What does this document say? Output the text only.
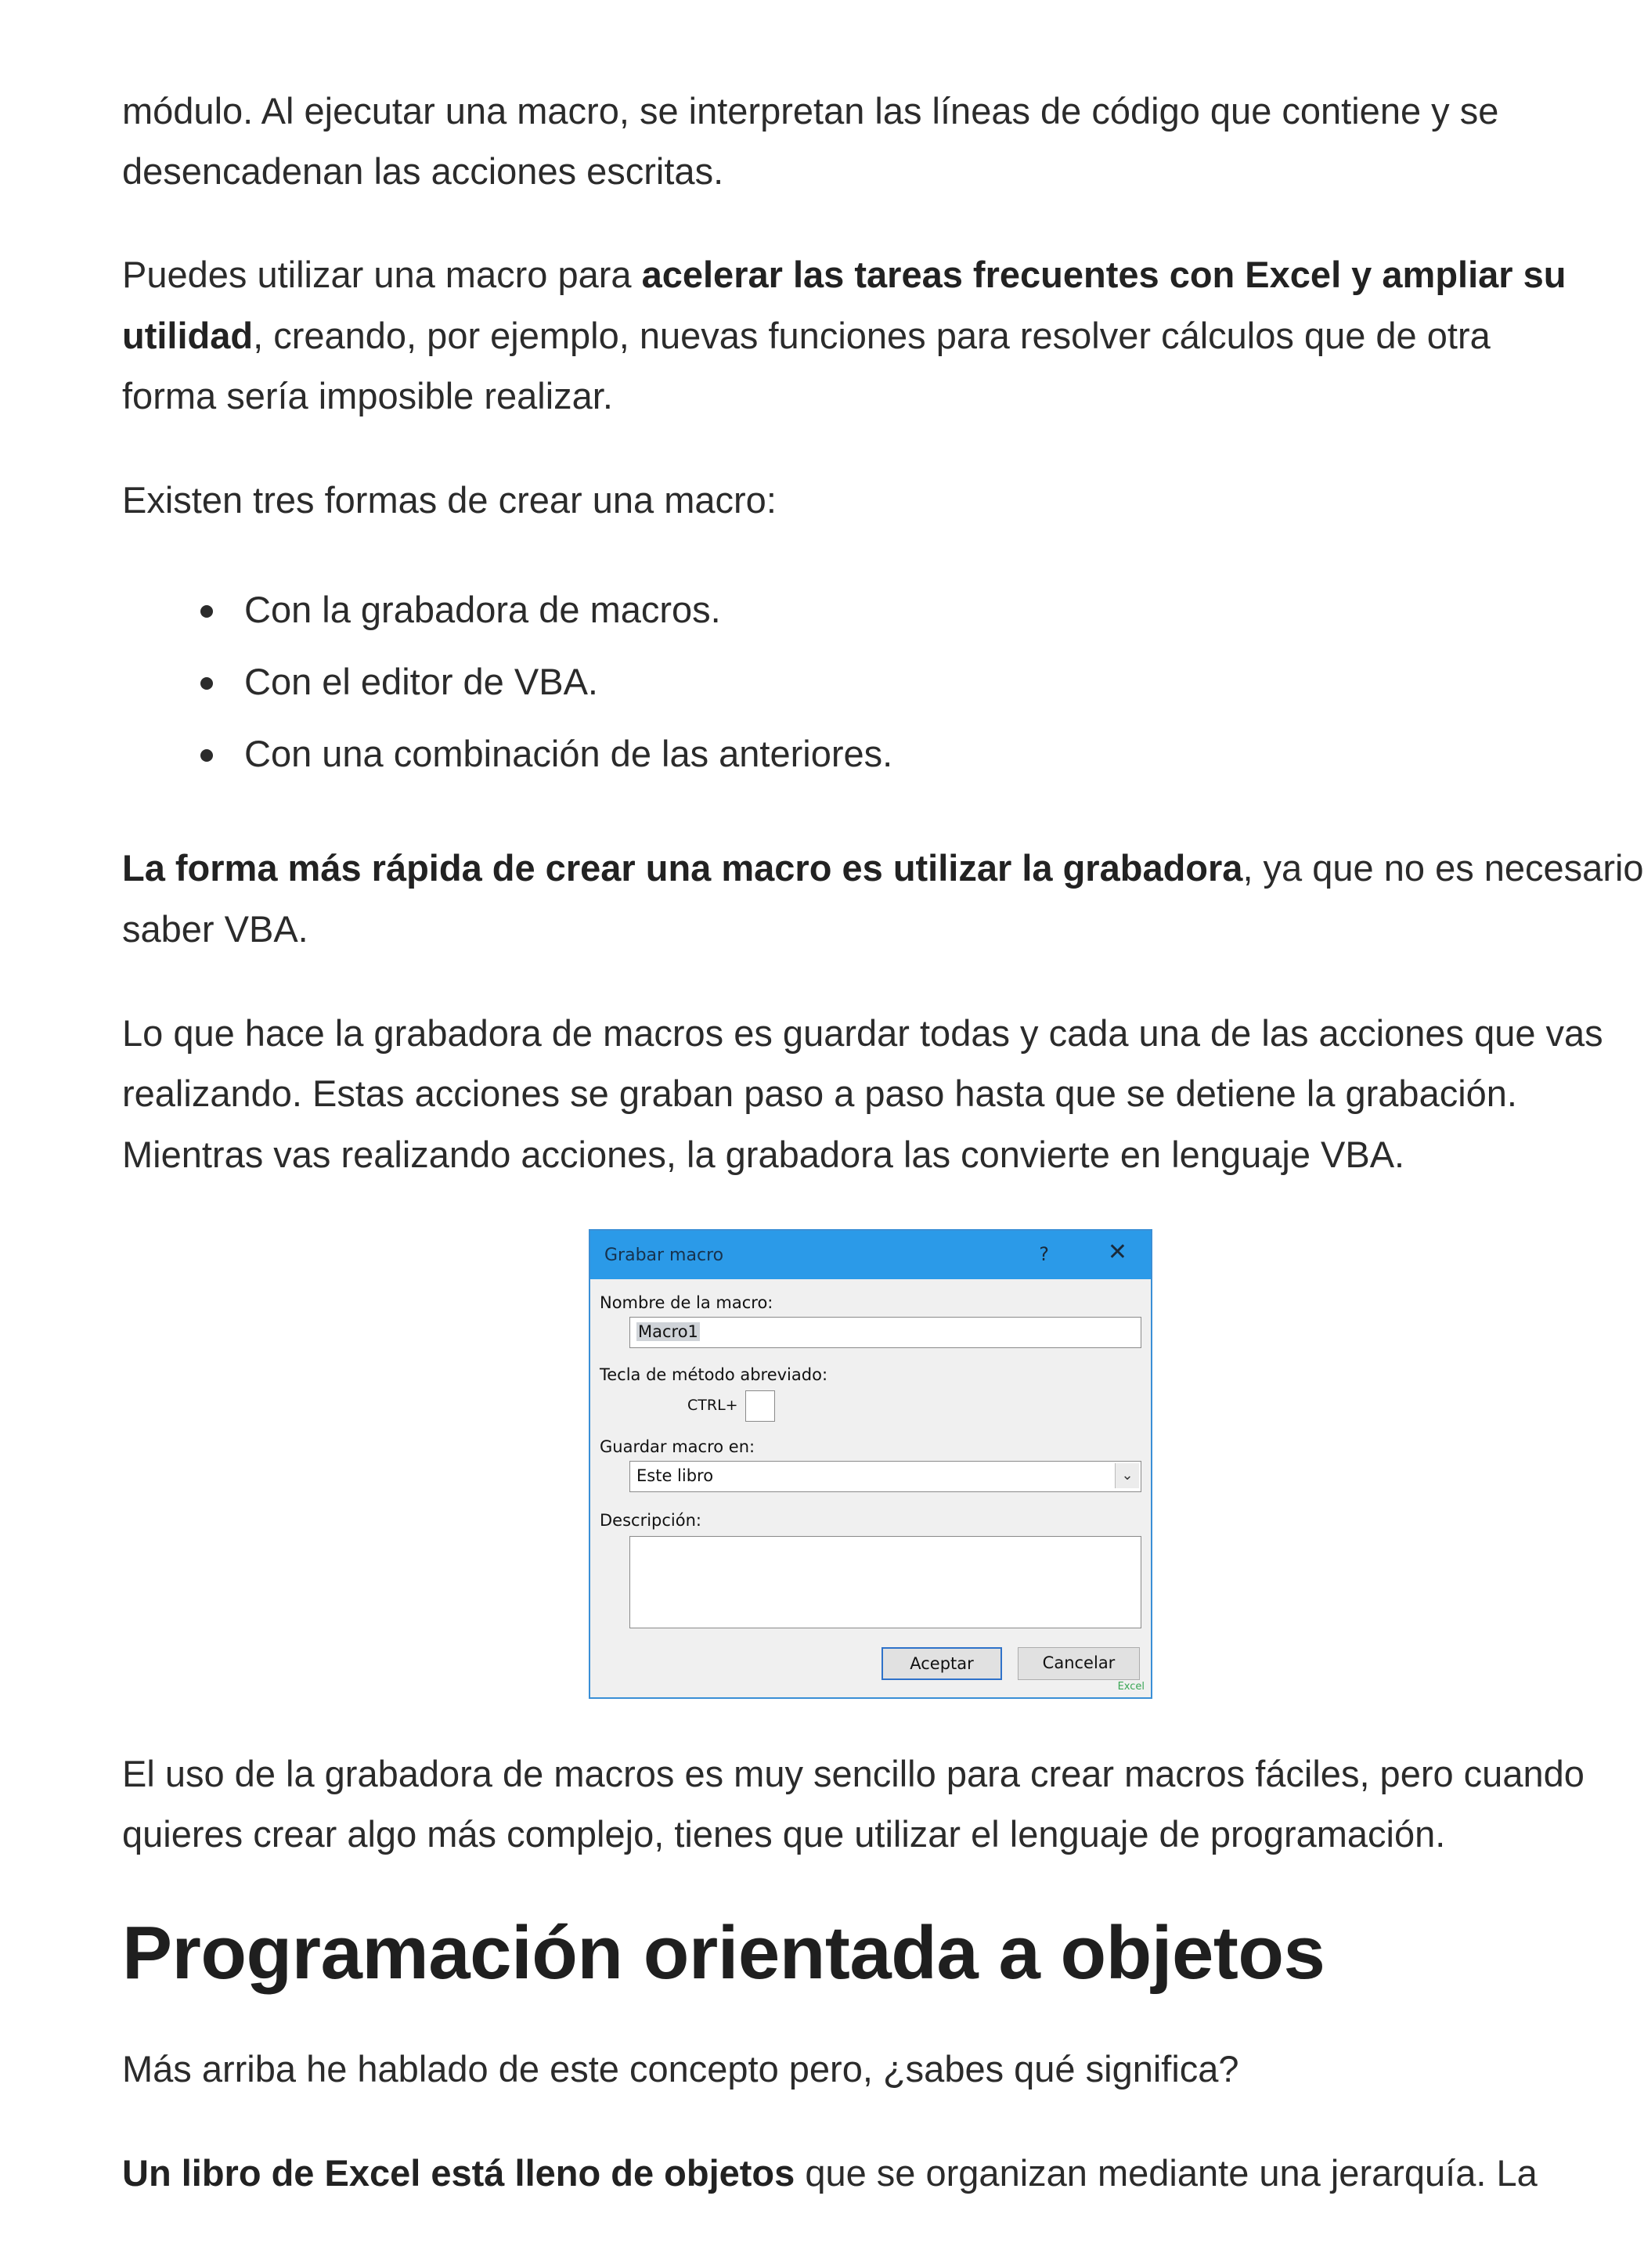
módulo. Al ejecutar una macro, se interpretan las líneas de código que contiene y se

desencadenan las acciones escritas.

Puedes utilizar una macro para acelerar las tareas frecuentes con Excel y ampliar su

utilidad, creando, por ejemplo, nuevas funciones para resolver cálculos que de otra

forma sería imposible realizar.

Existen tres formas de crear una macro:

Con la grabadora de macros.
Con el editor de VBA.
Con una combinación de las anteriores.

La forma más rápida de crear una macro es utilizar la grabadora, ya que no es necesario

saber VBA.

Lo que hace la grabadora de macros es guardar todas y cada una de las acciones que vas

realizando. Estas acciones se graban paso a paso hasta que se detiene la grabación.

Mientras vas realizando acciones, la grabadora las convierte en lenguaje VBA.

El uso de la grabadora de macros es muy sencillo para crear macros fáciles, pero cuando

quieres crear algo más complejo, tienes que utilizar el lenguaje de programación.

Programación orientada a objetos

Más arriba he hablado de este concepto pero, ¿sabes qué significa?

Un libro de Excel está lleno de objetos que se organizan mediante una jerarquía. La

Grabar macro	? ✕
Nombre de la macro:
Macro1
Tecla de método abreviado:
CTRL+
Guardar macro en:
Este libro	⌄
Descripción:
Aceptar	Cancelar
Excel
